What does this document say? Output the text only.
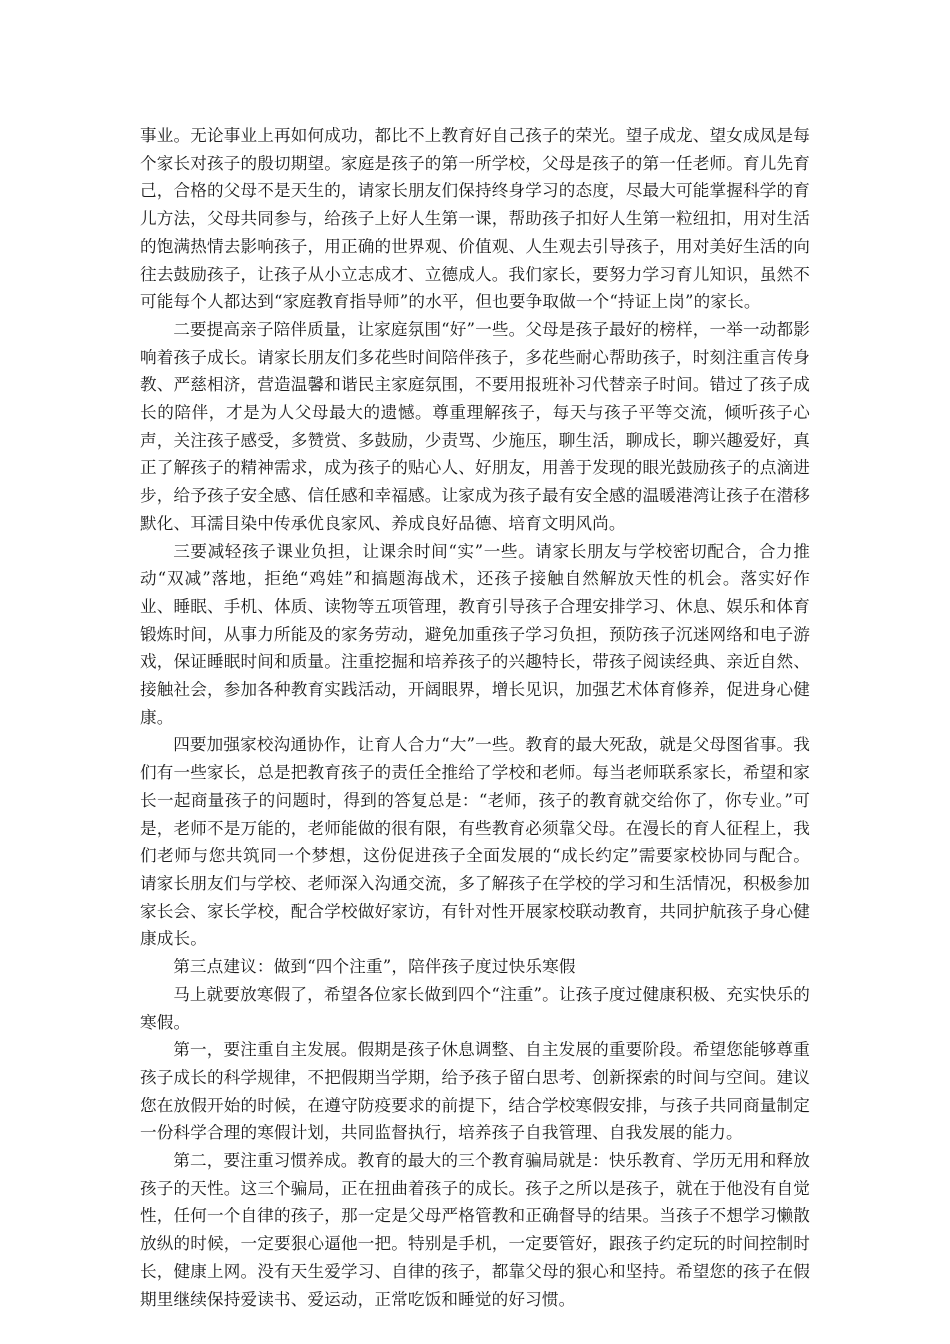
事业。无论事业上再如何成功，都比不上教育好自己孩子的荣光。望子成龙、望女成凤是每个家长对孩子的殷切期望。家庭是孩子的第一所学校，父母是孩子的第一任老师。育儿先育己，合格的父母不是天生的，请家长朋友们保持终身学习的态度，尽最大可能掌握科学的育儿方法，父母共同参与，给孩子上好人生第一课，帮助孩子扣好人生第一粒纽扣，用对生活的饱满热情去影响孩子，用正确的世界观、价值观、人生观去引导孩子，用对美好生活的向往去鼓励孩子，让孩子从小立志成才、立德成人。我们家长，要努力学习育儿知识，虽然不可能每个人都达到“家庭教育指导师”的水平，但也要争取做一个“持证上岗”的家长。

二要提高亲子陪伴质量，让家庭氛围“好”一些。父母是孩子最好的榜样，一举一动都影响着孩子成长。请家长朋友们多花些时间陪伴孩子，多花些耐心帮助孩子，时刻注重言传身教、严慈相济，营造温馨和谐民主家庭氛围，不要用报班补习代替亲子时间。错过了孩子成长的陪伴，才是为人父母最大的遗憾。尊重理解孩子，每天与孩子平等交流，倾听孩子心声，关注孩子感受，多赞赏、多鼓励，少责骂、少施压，聊生活，聊成长，聊兴趣爱好，真正了解孩子的精神需求，成为孩子的贴心人、好朋友，用善于发现的眼光鼓励孩子的点滴进步，给予孩子安全感、信任感和幸福感。让家成为孩子最有安全感的温暖港湾让孩子在潜移默化、耳濡目染中传承优良家风、养成良好品德、培育文明风尚。

三要减轻孩子课业负担，让课余时间“实”一些。请家长朋友与学校密切配合，合力推动“双减”落地，拒绝“鸡娃”和搞题海战术，还孩子接触自然解放天性的机会。落实好作业、睡眠、手机、体质、读物等五项管理，教育引导孩子合理安排学习、休息、娱乐和体育锻炼时间，从事力所能及的家务劳动，避免加重孩子学习负担，预防孩子沉迷网络和电子游戏，保证睡眠时间和质量。注重挖掘和培养孩子的兴趣特长，带孩子阅读经典、亲近自然、接触社会，参加各种教育实践活动，开阔眼界，增长见识，加强艺术体育修养，促进身心健康。

四要加强家校沟通协作，让育人合力“大”一些。教育的最大死敌，就是父母图省事。我们有一些家长，总是把教育孩子的责任全推给了学校和老师。每当老师联系家长，希望和家长一起商量孩子的问题时，得到的答复总是：“老师，孩子的教育就交给你了，你专业。”可是，老师不是万能的，老师能做的很有限，有些教育必须靠父母。在漫长的育人征程上，我们老师与您共筑同一个梦想，这份促进孩子全面发展的“成长约定”需要家校协同与配合。请家长朋友们与学校、老师深入沟通交流，多了解孩子在学校的学习和生活情况，积极参加家长会、家长学校，配合学校做好家访，有针对性开展家校联动教育，共同护航孩子身心健康成长。

第三点建议：做到“四个注重”，陪伴孩子度过快乐寒假

马上就要放寒假了，希望各位家长做到四个“注重”。让孩子度过健康积极、充实快乐的寒假。

第一，要注重自主发展。假期是孩子休息调整、自主发展的重要阶段。希望您能够尊重孩子成长的科学规律，不把假期当学期，给予孩子留白思考、创新探索的时间与空间。建议您在放假开始的时候，在遵守防疫要求的前提下，结合学校寒假安排，与孩子共同商量制定一份科学合理的寒假计划，共同监督执行，培养孩子自我管理、自我发展的能力。

第二，要注重习惯养成。教育的最大的三个教育骗局就是：快乐教育、学历无用和释放孩子的天性。这三个骗局，正在扭曲着孩子的成长。孩子之所以是孩子，就在于他没有自觉性，任何一个自律的孩子，那一定是父母严格管教和正确督导的结果。当孩子不想学习懒散放纵的时候，一定要狠心逼他一把。特别是手机，一定要管好，跟孩子约定玩的时间控制时长，健康上网。没有天生爱学习、自律的孩子，都靠父母的狠心和坚持。希望您的孩子在假期里继续保持爱读书、爱运动，正常吃饭和睡觉的好习惯。
